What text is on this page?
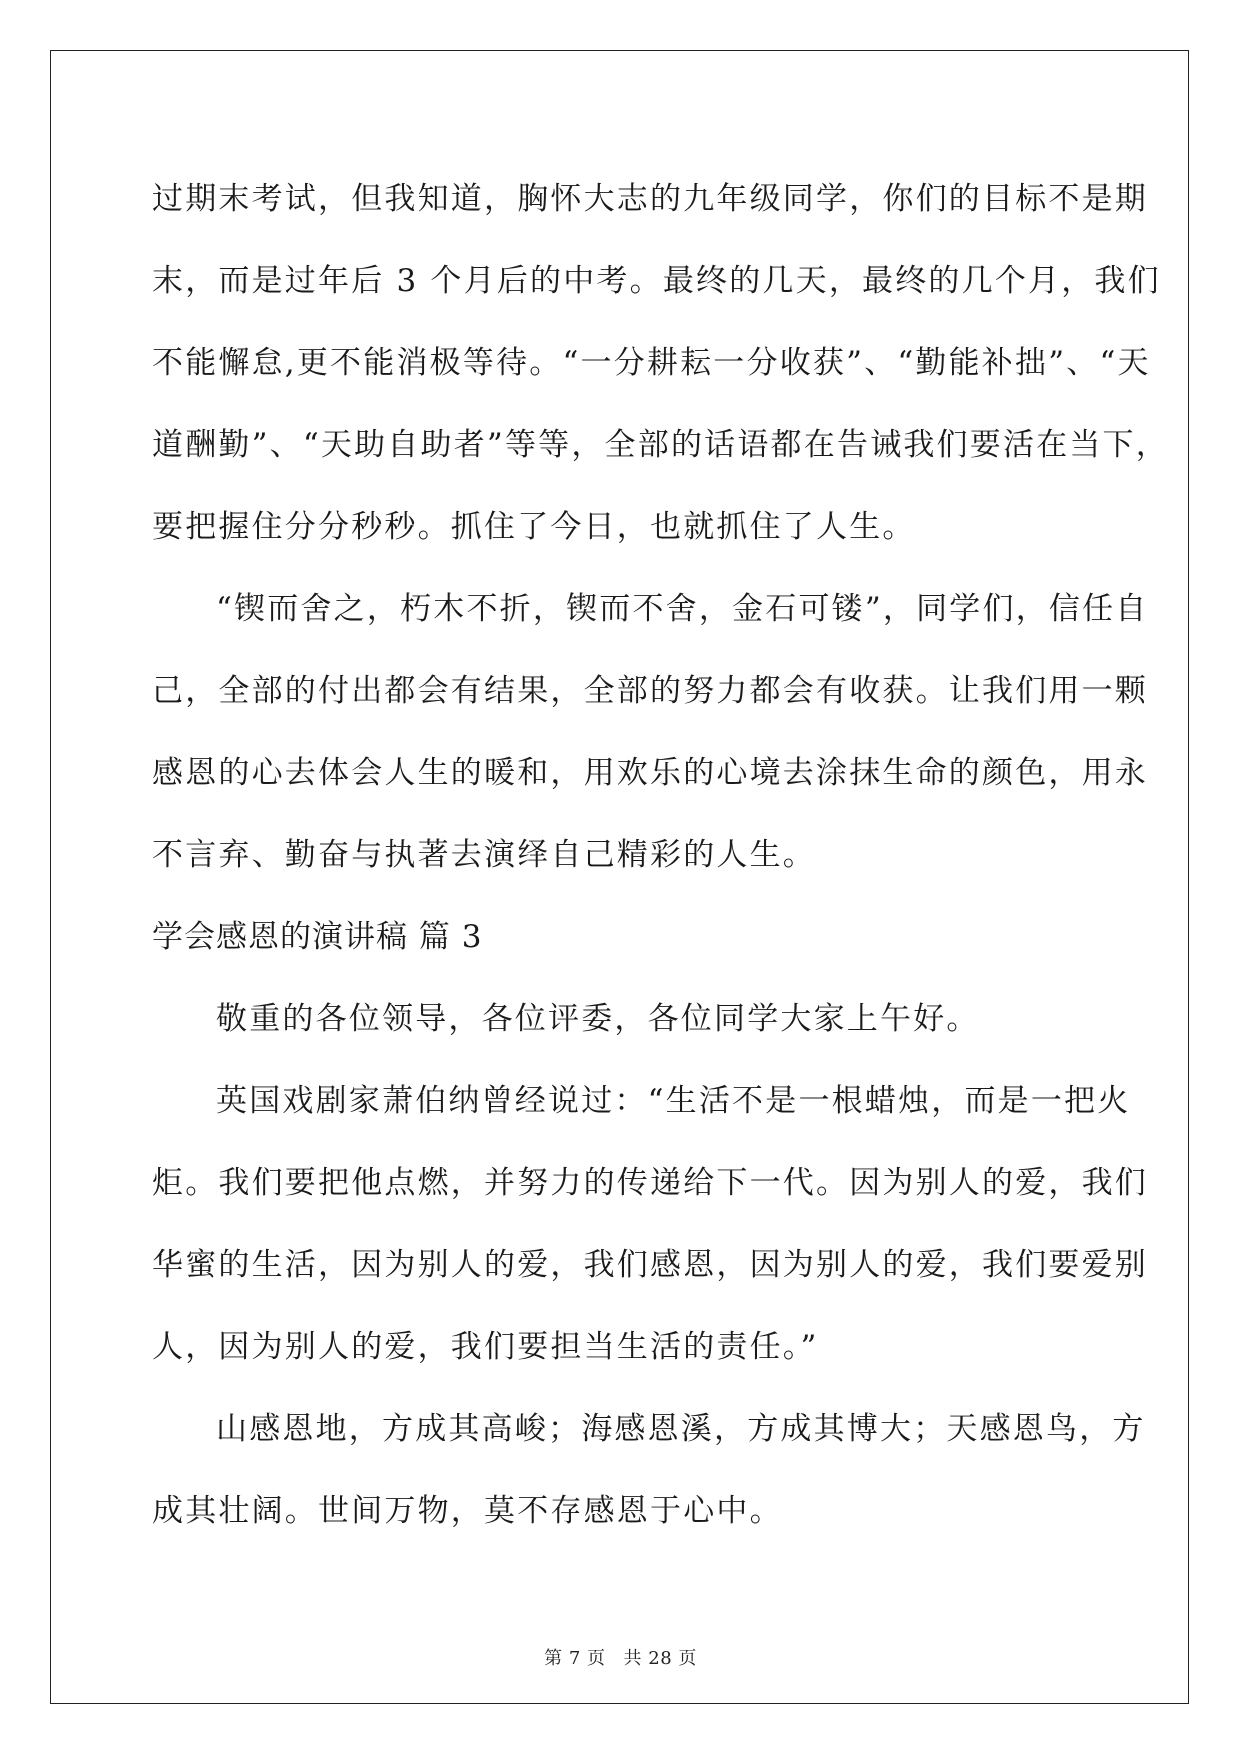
过期末考试，但我知道，胸怀大志的九年级同学，你们的目标不是期
末，而是过年后 3 个月后的中考。最终的几天，最终的几个月，我们
不能懈怠,更不能消极等待。“一分耕耘一分收获”、“勤能补拙”、“天
道酬勤”、“天助自助者”等等，全部的话语都在告诫我们要活在当下，
要把握住分分秒秒。抓住了今日，也就抓住了人生。
“锲而舍之，朽木不折，锲而不舍，金石可镂”，同学们，信任自
己，全部的付出都会有结果，全部的努力都会有收获。让我们用一颗
感恩的心去体会人生的暖和，用欢乐的心境去涂抹生命的颜色，用永
不言弃、勤奋与执著去演绎自己精彩的人生。
学会感恩的演讲稿 篇 3
敬重的各位领导，各位评委，各位同学大家上午好。
英国戏剧家萧伯纳曾经说过：“生活不是一根蜡烛，而是一把火
炬。我们要把他点燃，并努力的传递给下一代。因为别人的爱，我们
华蜜的生活，因为别人的爱，我们感恩，因为别人的爱，我们要爱别
人，因为别人的爱，我们要担当生活的责任。”
山感恩地，方成其高峻；海感恩溪，方成其博大；天感恩鸟，方
成其壮阔。世间万物，莫不存感恩于心中。
第 7 页 共 28 页
